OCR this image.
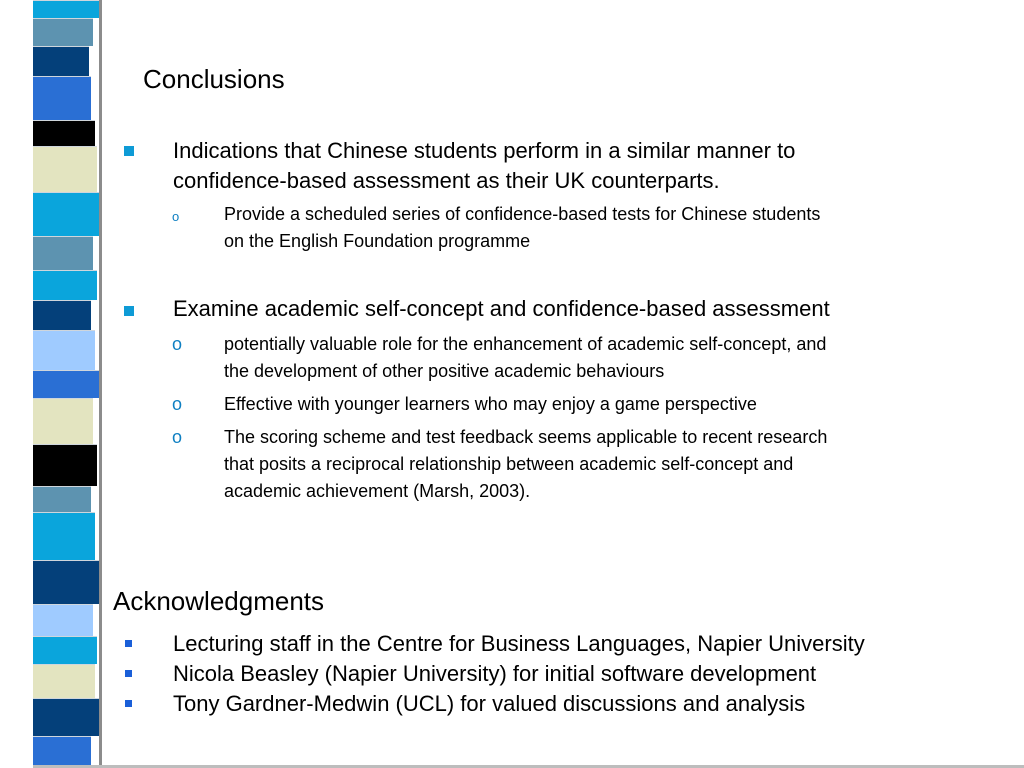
Conclusions
Indications that Chinese students perform in a similar manner to
confidence-based assessment as their UK counterparts.
o Provide a scheduled series of confidence-based tests for Chinese students
on the English Foundation programme
Examine academic self-concept and confidence-based assessment
o potentially valuable role for the enhancement of academic self-concept, and
the development of other positive academic behaviours
o Effective with younger learners who may enjoy a game perspective
o The scoring scheme and test feedback seems applicable to recent research
that posits a reciprocal relationship between academic self-concept and
academic achievement (Marsh, 2003).
Acknowledgments
Lecturing staff in the Centre for Business Languages, Napier University
Nicola Beasley (Napier University) for initial software development
Tony Gardner-Medwin (UCL) for valued discussions and analysis
